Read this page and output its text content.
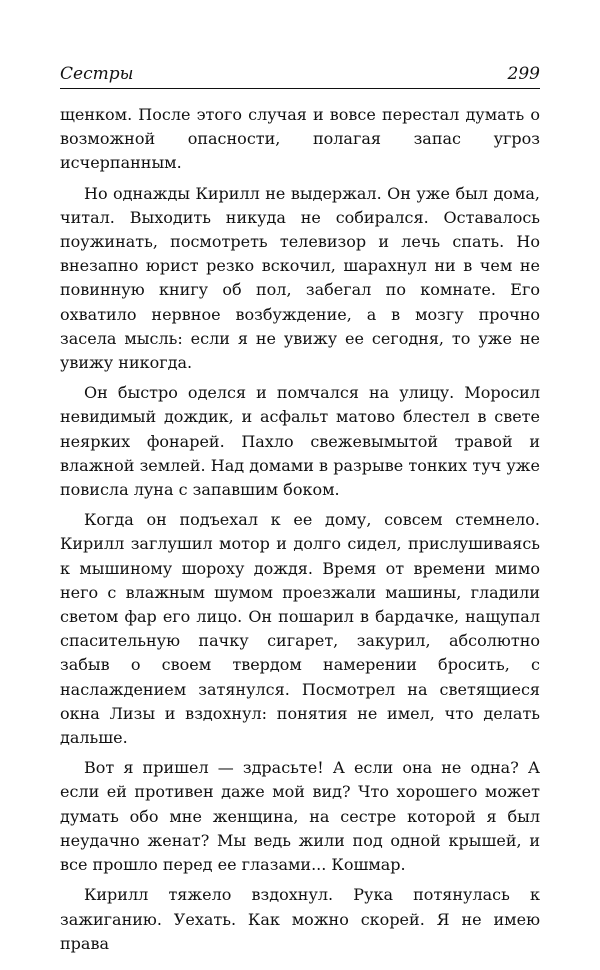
Сестры	299

щенком. После этого случая и вовсе перестал думать о возможной опасности, полагая запас угроз исчерпанным.

Но однажды Кирилл не выдержал. Он уже был дома, читал. Выходить никуда не собирался. Оставалось поужинать, посмотреть телевизор и лечь спать. Но внезапно юрист резко вскочил, шарахнул ни в чем не повинную книгу об пол, забегал по комнате. Его охватило нервное возбуждение, а в мозгу прочно засела мысль: если я не увижу ее сегодня, то уже не увижу никогда.

Он быстро оделся и помчался на улицу. Моросил невидимый дождик, и асфальт матово блестел в свете неярких фонарей. Пахло свежевымытой травой и влажной землей. Над домами в разрыве тонких туч уже повисла луна с запавшим боком.

Когда он подъехал к ее дому, совсем стемнело. Кирилл заглушил мотор и долго сидел, прислушиваясь к мышиному шороху дождя. Время от времени мимо него с влажным шумом проезжали машины, гладили светом фар его лицо. Он пошарил в бардачке, нащупал спасительную пачку сигарет, закурил, абсолютно забыв о своем твердом намерении бросить, с наслаждением затянулся. Посмотрел на светящиеся окна Лизы и вздохнул: понятия не имел, что делать дальше.

Вот я пришел — здрасьте! А если она не одна? А если ей противен даже мой вид? Что хорошего может думать обо мне женщина, на сестре которой я был неудачно женат? Мы ведь жили под одной крышей, и все прошло перед ее глазами... Кошмар.

Кирилл тяжело вздохнул. Рука потянулась к зажиганию. Уехать. Как можно скорей. Я не имею права
